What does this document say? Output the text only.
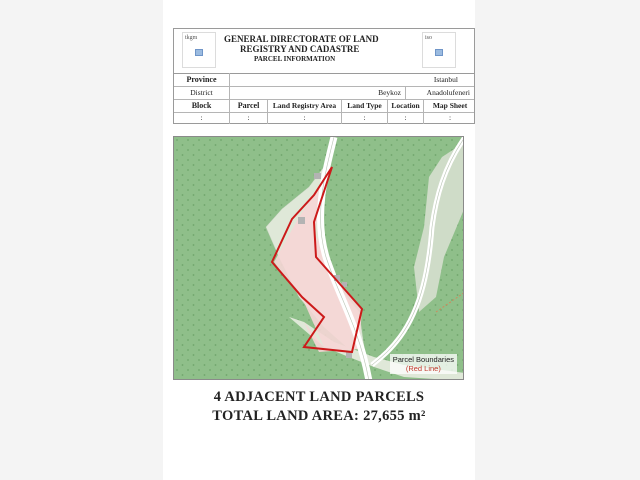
tkgm	GENERAL DIRECTORATE OF LAND
REGISTRY AND CADASTRE
PARCEL INFORMATION
iso
Province	Istanbul
District	Beykoz	Anadolufeneri
Block	Parcel	Land Registry Area	Land Type	Location	Map Sheet
:	:	:	:	:	:
Parcel Boundaries
(Red Line)
4 ADJACENT LAND PARCELS
TOTAL LAND AREA: 27,655 m²
